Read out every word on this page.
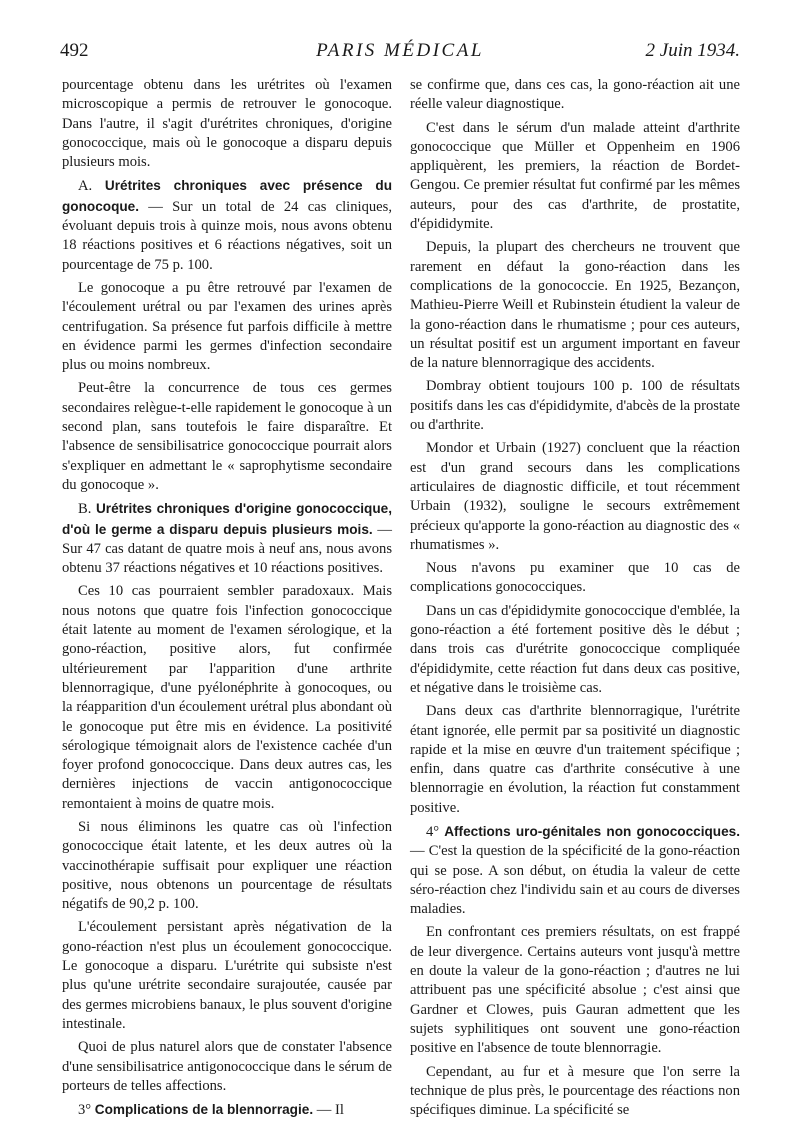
492	PARIS MÉDICAL	2 Juin 1934.

pourcentage obtenu dans les urétrites où l'examen microscopique a permis de retrouver le gonocoque. Dans l'autre, il s'agit d'urétrites chroniques, d'origine gonococcique, mais où le gonocoque a disparu depuis plusieurs mois.

A. Urétrites chroniques avec présence du gonocoque. — Sur un total de 24 cas cliniques, évoluant depuis trois à quinze mois, nous avons obtenu 18 réactions positives et 6 réactions négatives, soit un pourcentage de 75 p. 100.

Le gonocoque a pu être retrouvé par l'examen de l'écoulement urétral ou par l'examen des urines après centrifugation. Sa présence fut parfois difficile à mettre en évidence parmi les germes d'infection secondaire plus ou moins nombreux.

Peut-être la concurrence de tous ces germes secondaires relègue-t-elle rapidement le gonocoque à un second plan, sans toutefois le faire disparaître. Et l'absence de sensibilisatrice gonococcique pourrait alors s'expliquer en admettant le « saprophytisme secondaire du gonocoque ».

B. Urétrites chroniques d'origine gonococcique, d'où le germe a disparu depuis plusieurs mois. — Sur 47 cas datant de quatre mois à neuf ans, nous avons obtenu 37 réactions négatives et 10 réactions positives.

Ces 10 cas pourraient sembler paradoxaux. Mais nous notons que quatre fois l'infection gonococcique était latente au moment de l'examen sérologique, et la gono-réaction, positive alors, fut confirmée ultérieurement par l'apparition d'une arthrite blennorragique, d'une pyélonéphrite à gonocoques, ou la réapparition d'un écoulement urétral plus abondant où le gonocoque put être mis en évidence. La positivité sérologique témoignait alors de l'existence cachée d'un foyer profond gonococcique. Dans deux autres cas, les dernières injections de vaccin antigonococcique remontaient à moins de quatre mois.

Si nous éliminons les quatre cas où l'infection gonococcique était latente, et les deux autres où la vaccinothérapie suffisait pour expliquer une réaction positive, nous obtenons un pourcentage de résultats négatifs de 90,2 p. 100.

L'écoulement persistant après négativation de la gono-réaction n'est plus un écoulement gonococcique. Le gonocoque a disparu. L'urétrite qui subsiste n'est plus qu'une urétrite secondaire surajoutée, causée par des germes microbiens banaux, le plus souvent d'origine intestinale.

Quoi de plus naturel alors que de constater l'absence d'une sensibilisatrice antigonococcique dans le sérum de porteurs de telles affections.

3° Complications de la blennorragie. — Il

se confirme que, dans ces cas, la gono-réaction ait une réelle valeur diagnostique.

C'est dans le sérum d'un malade atteint d'arthrite gonococcique que Müller et Oppenheim en 1906 appliquèrent, les premiers, la réaction de Bordet-Gengou. Ce premier résultat fut confirmé par les mêmes auteurs, pour des cas d'arthrite, de prostatite, d'épididymite.

Depuis, la plupart des chercheurs ne trouvent que rarement en défaut la gono-réaction dans les complications de la gonococcie. En 1925, Bezançon, Mathieu-Pierre Weill et Rubinstein étudient la valeur de la gono-réaction dans le rhumatisme ; pour ces auteurs, un résultat positif est un argument important en faveur de la nature blennorragique des accidents.

Dombray obtient toujours 100 p. 100 de résultats positifs dans les cas d'épididymite, d'abcès de la prostate ou d'arthrite.

Mondor et Urbain (1927) concluent que la réaction est d'un grand secours dans les complications articulaires de diagnostic difficile, et tout récemment Urbain (1932), souligne le secours extrêmement précieux qu'apporte la gono-réaction au diagnostic des « rhumatismes ».

Nous n'avons pu examiner que 10 cas de complications gonococciques.

Dans un cas d'épididymite gonococcique d'emblée, la gono-réaction a été fortement positive dès le début ; dans trois cas d'urétrite gonococcique compliquée d'épididymite, cette réaction fut dans deux cas positive, et négative dans le troisième cas.

Dans deux cas d'arthrite blennorragique, l'urétrite étant ignorée, elle permit par sa positivité un diagnostic rapide et la mise en œuvre d'un traitement spécifique ; enfin, dans quatre cas d'arthrite consécutive à une blennorragie en évolution, la réaction fut constamment positive.

4° Affections uro-génitales non gonococciques. — C'est la question de la spécificité de la gono-réaction qui se pose. A son début, on étudia la valeur de cette séro-réaction chez l'individu sain et au cours de diverses maladies.

En confrontant ces premiers résultats, on est frappé de leur divergence. Certains auteurs vont jusqu'à mettre en doute la valeur de la gono-réaction ; d'autres ne lui attribuent pas une spécificité absolue ; c'est ainsi que Gardner et Clowes, puis Gauran admettent que les sujets syphilitiques ont souvent une gono-réaction positive en l'absence de toute blennorragie.

Cependant, au fur et à mesure que l'on serre la technique de plus près, le pourcentage des réactions non spécifiques diminue. La spécificité se
